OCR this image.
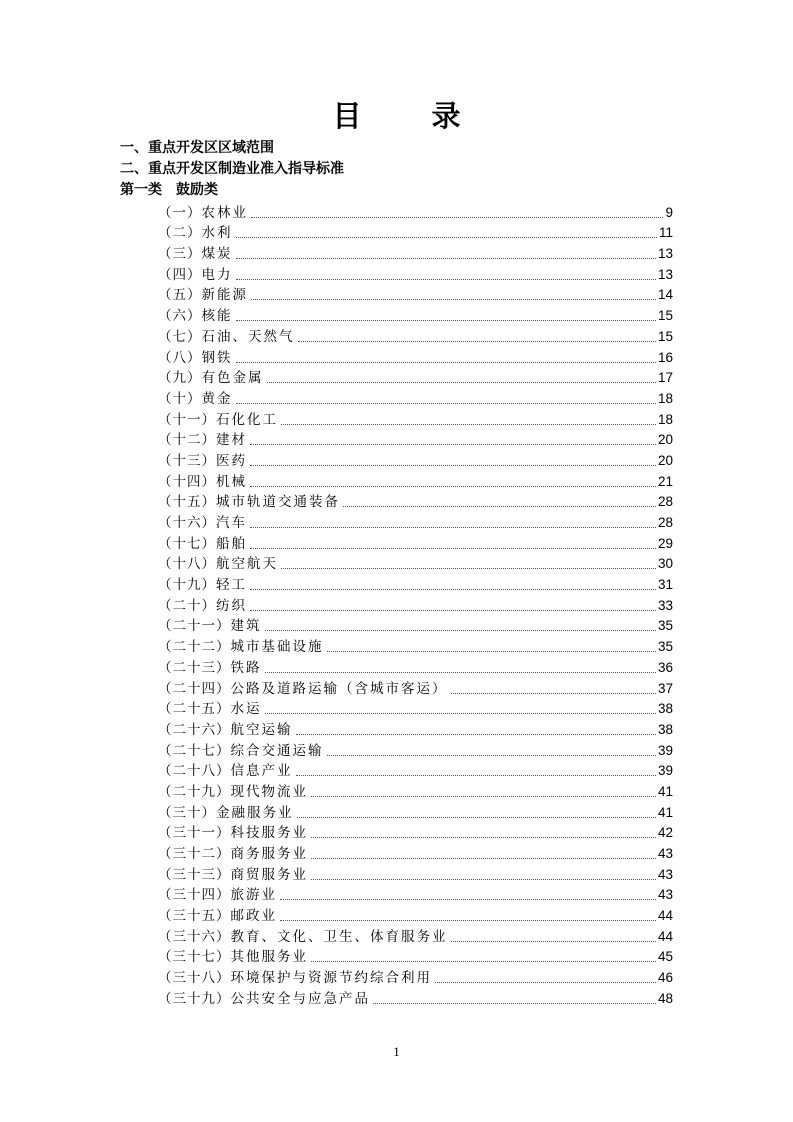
目 录
一、重点开发区区域范围
二、重点开发区制造业准入指导标准
第一类 鼓励类
（一） 农林业	9
（二） 水利	11
（三） 煤炭	13
（四） 电力	13
（五） 新能源	14
（六） 核能	15
（七） 石油、天然气	15
（八） 钢铁	16
（九） 有色金属	17
（十） 黄金	18
（十一） 石化化工	18
（十二） 建材	20
（十三） 医药	20
（十四） 机械	21
（十五） 城市轨道交通装备	28
（十六） 汽车	28
（十七） 船舶	29
（十八） 航空航天	30
（十九） 轻工	31
（二十） 纺织	33
（二十一） 建筑	35
（二十二） 城市基础设施	35
（二十三） 铁路	36
（二十四） 公路及道路运输（含城市客运）	37
（二十五） 水运	38
（二十六） 航空运输	38
（二十七） 综合交通运输	39
（二十八） 信息产业	39
（二十九） 现代物流业	41
（三十） 金融服务业	41
（三十一） 科技服务业	42
（三十二） 商务服务业	43
（三十三） 商贸服务业	43
（三十四） 旅游业	43
（三十五） 邮政业	44
（三十六） 教育、文化、卫生、体育服务业	44
（三十七） 其他服务业	45
（三十八） 环境保护与资源节约综合利用	46
（三十九） 公共安全与应急产品	48
1
